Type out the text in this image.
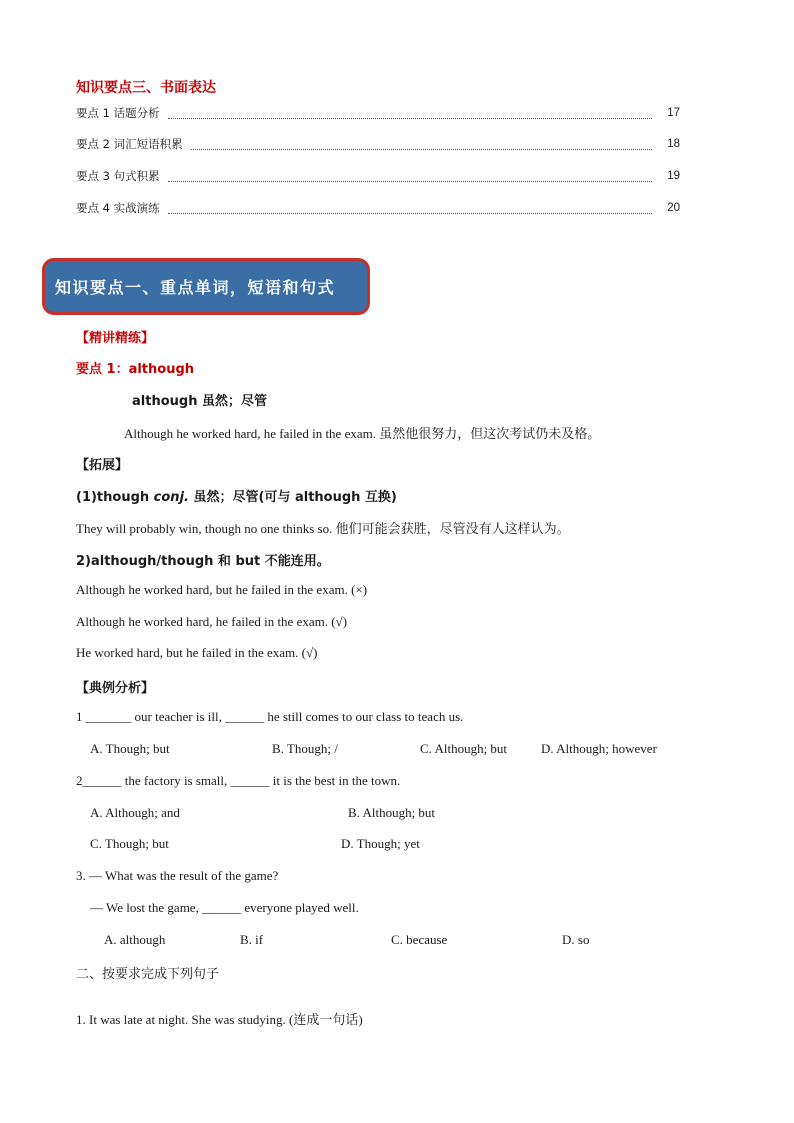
知识要点三、书面表达
要点 1 话题分析	17
要点 2 词汇短语积累	18
要点 3 句式积累	19
要点 4 实战演练	20
知识要点一、重点单词，短语和句式
【精讲精练】
要点 1：although
although 虽然；尽管
Although he worked hard, he failed in the exam. 虽然他很努力，但这次考试仍未及格。
【拓展】
(1)though conj. 虽然；尽管(可与 although 互换)
They will probably win, though no one thinks so. 他们可能会获胜，尽管没有人这样认为。
2)although/though 和 but 不能连用。
Although he worked hard, but he failed in the exam. (×)
Although he worked hard, he failed in the exam. (√)
He worked hard, but he failed in the exam. (√)
【典例分析】
1 _______ our teacher is ill, ______ he still comes to our class to teach us.
A. Though; but	B. Though; /	C. Although; but	D. Although; however
2______ the factory is small, ______ it is the best in the town.
A. Although; and	B. Although; but
C. Though; but	D. Though; yet
3. — What was the result of the game?
— We lost the game, ______ everyone played well.
A. although	B. if	C. because	D. so
二、按要求完成下列句子
1. It was late at night. She was studying. (连成一句话)
